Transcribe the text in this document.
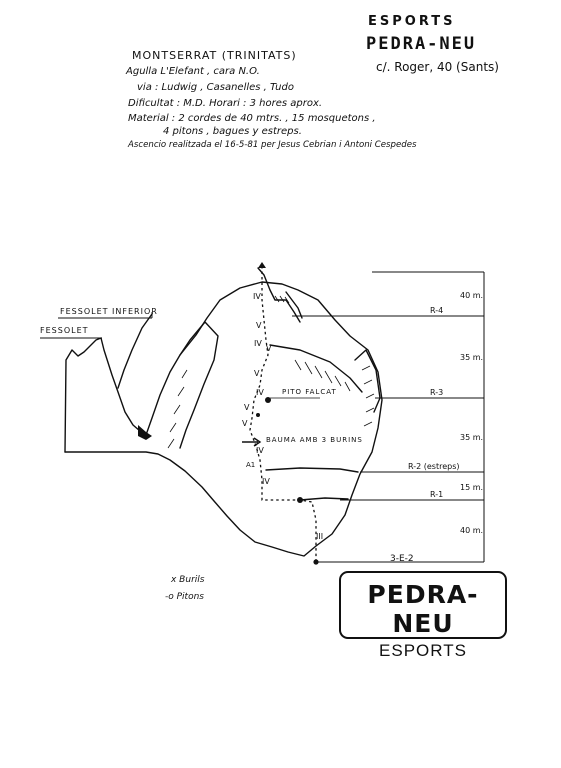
ESPORTS
PEDRA-NEU
c/. Roger, 40 (Sants)
MONTSERRAT (TRINITATS)
Agulla L'Elefant , cara N.O.
via : Ludwig , Casanelles , Tudo
Dificultat : M.D. Horari : 3 hores aprox.
Material : 2 cordes de 40 mtrs. , 15 mosquetons ,
4 pitons , bagues y estreps.
Ascencio realitzada el 16-5-81 per Jesus Cebrian i Antoni Cespedes
FESSOLET INFERIOR
FESSOLET
PITO FALCAT
BAUMA AMB 3 BURINS
A1
3-E-2
IV
V
IV
V
V
IV
V
V
IV
IV
III
R-4
R-3
R-2 (estreps)
R-1
40 m.
35 m.
35 m.
15 m.
40 m.
x Burils
-o Pitons	PEDRA-NEU
ESPORTS
